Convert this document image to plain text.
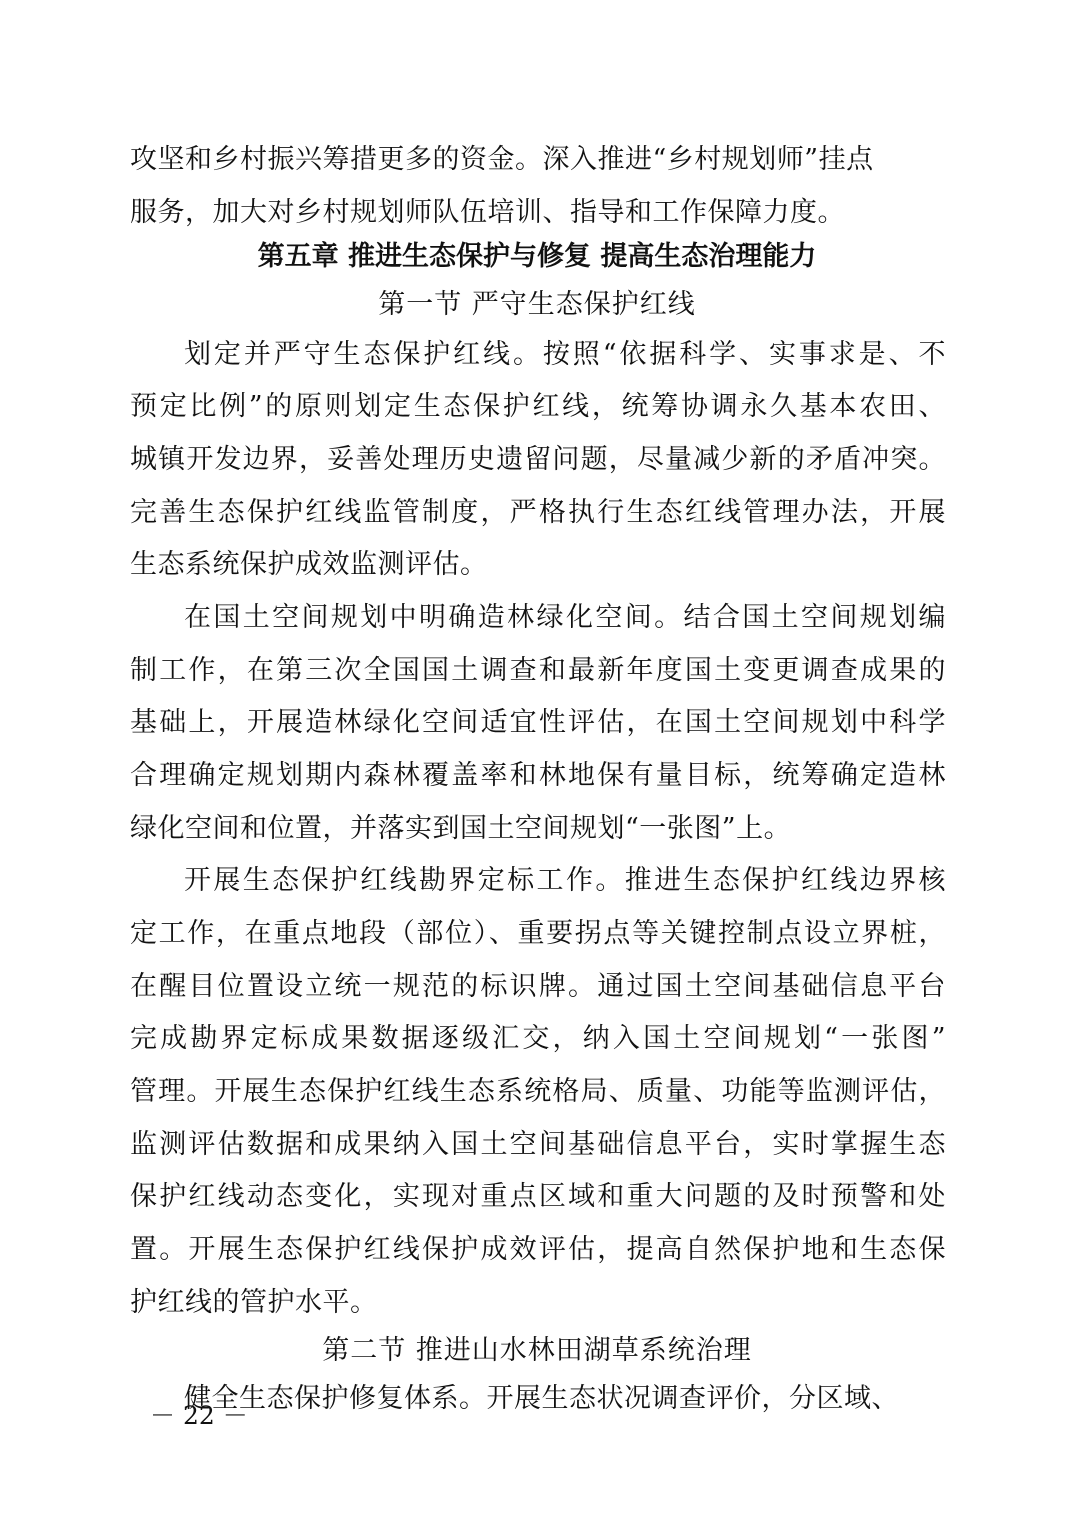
攻坚和乡村振兴筹措更多的资金。深入推进“乡村规划师”挂点
服务，加大对乡村规划师队伍培训、指导和工作保障力度。
第五章 推进生态保护与修复 提高生态治理能力
第一节 严守生态保护红线
划定并严守生态保护红线。按照“依据科学、实事求是、不
预定比例”的原则划定生态保护红线，统筹协调永久基本农田、
城镇开发边界，妥善处理历史遗留问题，尽量减少新的矛盾冲突。
完善生态保护红线监管制度，严格执行生态红线管理办法，开展
生态系统保护成效监测评估。
在国土空间规划中明确造林绿化空间。结合国土空间规划编
制工作，在第三次全国国土调查和最新年度国土变更调查成果的
基础上，开展造林绿化空间适宜性评估，在国土空间规划中科学
合理确定规划期内森林覆盖率和林地保有量目标，统筹确定造林
绿化空间和位置，并落实到国土空间规划“一张图”上。
开展生态保护红线勘界定标工作。推进生态保护红线边界核
定工作，在重点地段（部位）、重要拐点等关键控制点设立界桩，
在醒目位置设立统一规范的标识牌。通过国土空间基础信息平台
完成勘界定标成果数据逐级汇交，纳入国土空间规划“一张图”
管理。开展生态保护红线生态系统格局、质量、功能等监测评估，
监测评估数据和成果纳入国土空间基础信息平台，实时掌握生态
保护红线动态变化，实现对重点区域和重大问题的及时预警和处
置。开展生态保护红线保护成效评估，提高自然保护地和生态保
护红线的管护水平。
第二节 推进山水林田湖草系统治理
健全生态保护修复体系。开展生态状况调查评价，分区域、
－ 22 －
